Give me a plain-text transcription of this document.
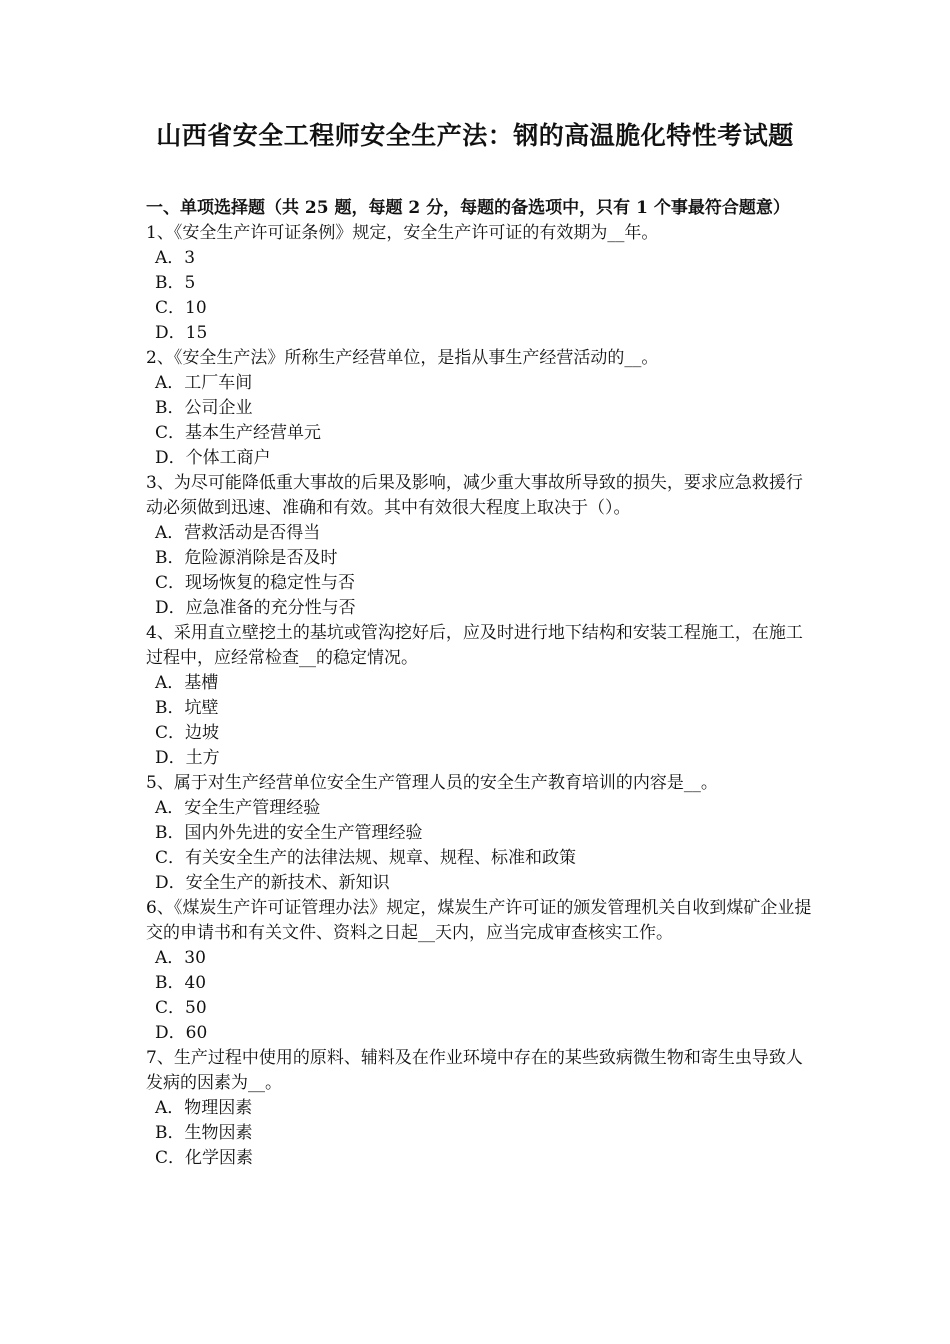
山西省安全工程师安全生产法：钢的高温脆化特性考试题

一、单项选择题（共 25 题，每题 2 分，每题的备选项中，只有 1 个事最符合题意）

1、《安全生产许可证条例》规定，安全生产许可证的有效期为__年。

A．3

B．5

C．10

D．15

2、《安全生产法》所称生产经营单位，是指从事生产经营活动的__。

A．工厂车间

B．公司企业

C．基本生产经营单元

D．个体工商户

3、为尽可能降低重大事故的后果及影响，减少重大事故所导致的损失，要求应急救援行动必须做到迅速、准确和有效。其中有效很大程度上取决于（）。

A．营救活动是否得当

B．危险源消除是否及时

C．现场恢复的稳定性与否

D．应急准备的充分性与否

4、采用直立壁挖土的基坑或管沟挖好后，应及时进行地下结构和安装工程施工，在施工过程中，应经常检查__的稳定情况。

A．基槽

B．坑壁

C．边坡

D．土方

5、属于对生产经营单位安全生产管理人员的安全生产教育培训的内容是__。

A．安全生产管理经验

B．国内外先进的安全生产管理经验

C．有关安全生产的法律法规、规章、规程、标准和政策

D．安全生产的新技术、新知识

6、《煤炭生产许可证管理办法》规定，煤炭生产许可证的颁发管理机关自收到煤矿企业提交的申请书和有关文件、资料之日起__天内，应当完成审查核实工作。

A．30

B．40

C．50

D．60

7、生产过程中使用的原料、辅料及在作业环境中存在的某些致病微生物和寄生虫导致人发病的因素为__。

A．物理因素

B．生物因素

C．化学因素
